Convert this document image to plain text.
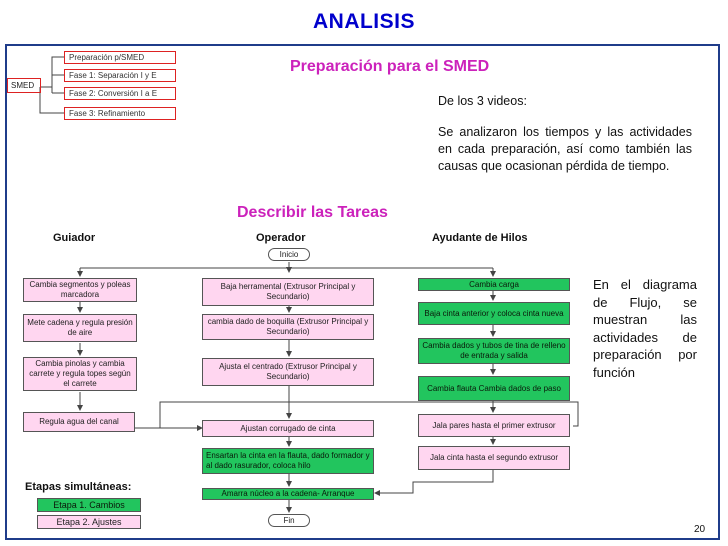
ANALISIS
SMED
Preparación p/SMED
Fase 1: Separación I y E
Fase 2: Conversión I a E
Fase 3: Refinamiento
Preparación para el SMED
De los 3 videos:
Se analizaron los tiempos y las actividades en cada preparación, así como también las causas que ocasionan pérdida de tiempo.
Describir las Tareas
Guiador	Operador	Ayudante de Hilos
Inicio
Fin
Cambia segmentos y poleas marcadora
Mete cadena y regula presión de aire
Cambia pinolas y cambia carrete y regula topes según el carrete
Regula agua del canal
Baja herramental (Extrusor Principal y Secundario)
cambia dado de boquilla (Extrusor Principal y Secundario)
Ajusta el centrado (Extrusor Principal y Secundario)
Ajustan corrugado de cinta
Ensartan la cinta en la flauta, dado formador y al dado rasurador, coloca hilo
Amarra núcleo a la cadena- Arranque
Cambia carga
Baja cinta anterior y coloca cinta nueva
Cambia dados y tubos de tina de relleno de entrada y salida
Cambia flauta Cambia dados de paso
Jala pares hasta el primer extrusor
Jala cinta hasta el segundo extrusor
En el diagrama de Flujo, se muestran las actividades de preparación por función
Etapas simultáneas:
Etapa 1. Cambios
Etapa 2. Ajustes
20
